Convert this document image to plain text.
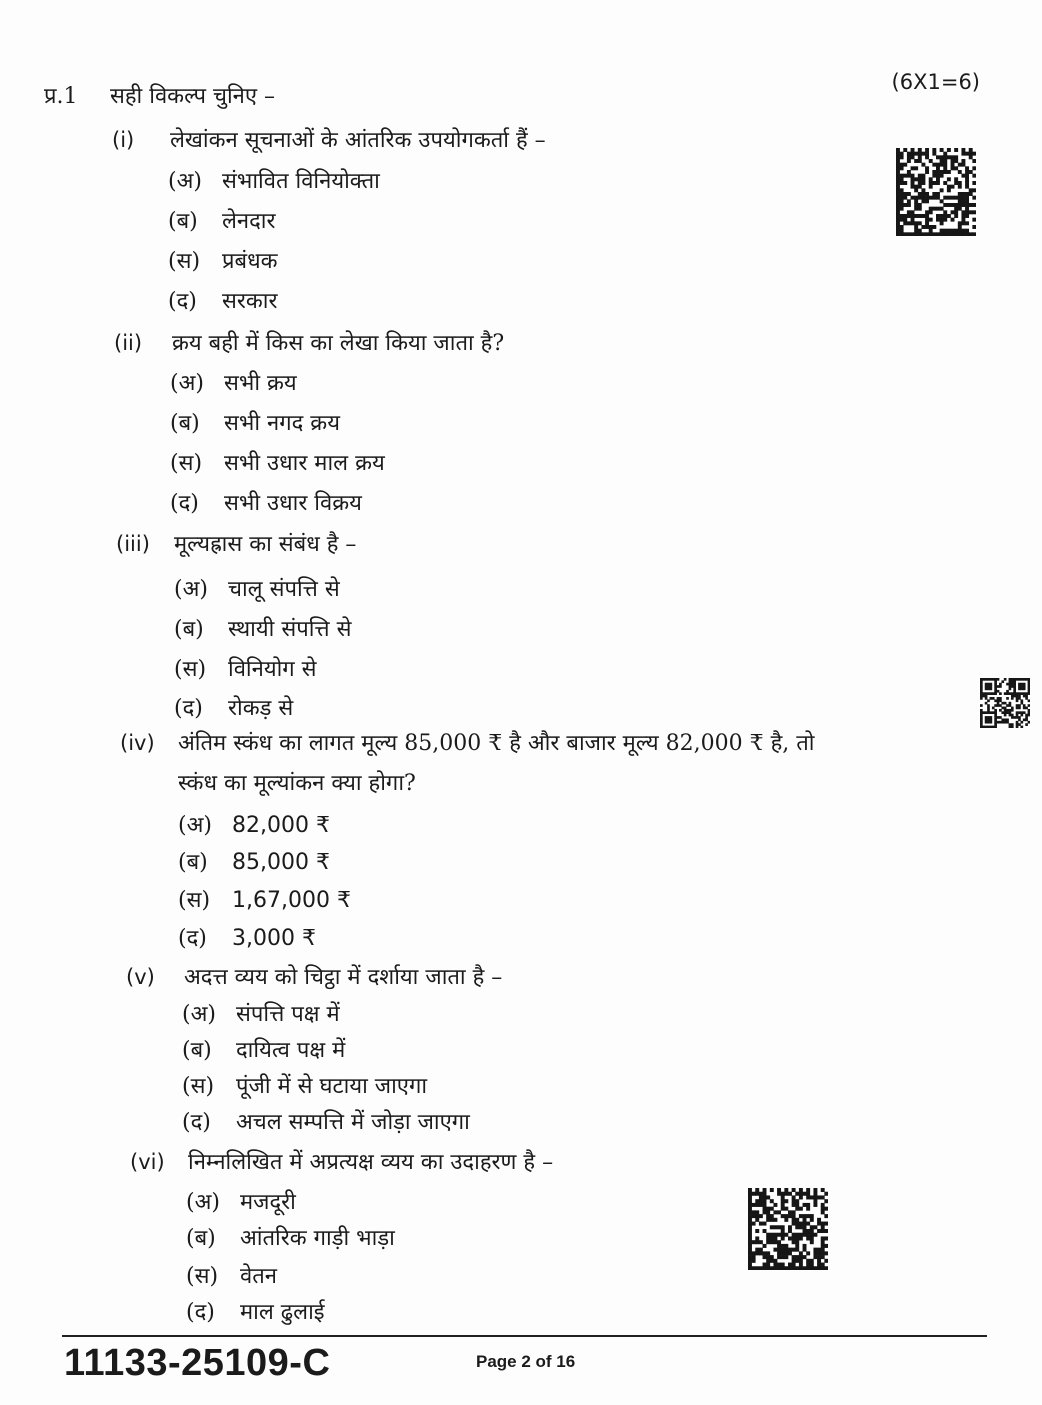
प्र.1 सही विकल्प चुनिए –
(6X1=6)
(i) लेखांकन सूचनाओं के आंतरिक उपयोगकर्ता हैं –
(अ) संभावित विनियोक्ता
(ब) लेनदार
(स) प्रबंधक
(द) सरकार
(ii) क्रय बही में किस का लेखा किया जाता है?
(अ) सभी क्रय
(ब) सभी नगद क्रय
(स) सभी उधार माल क्रय
(द) सभी उधार विक्रय
(iii) मूल्यह्रास का संबंध है –
(अ) चालू संपत्ति से
(ब) स्थायी संपत्ति से
(स) विनियोग से
(द) रोकड़ से
(iv) अंतिम स्कंध का लागत मूल्य 85,000 ₹ है और बाजार मूल्य 82,000 ₹ है, तो
स्कंध का मूल्यांकन क्या होगा?
(अ) 82,000 ₹
(ब) 85,000 ₹
(स) 1,67,000 ₹
(द) 3,000 ₹
(v) अदत्त व्यय को चिट्ठा में दर्शाया जाता है –
(अ) संपत्ति पक्ष में
(ब) दायित्व पक्ष में
(स) पूंजी में से घटाया जाएगा
(द) अचल सम्पत्ति में जोड़ा जाएगा
(vi) निम्नलिखित में अप्रत्यक्ष व्यय का उदाहरण है –
(अ) मजदूरी
(ब) आंतरिक गाड़ी भाड़ा
(स) वेतन
(द) माल ढुलाई
11133-25109-C	Page 2 of 16
